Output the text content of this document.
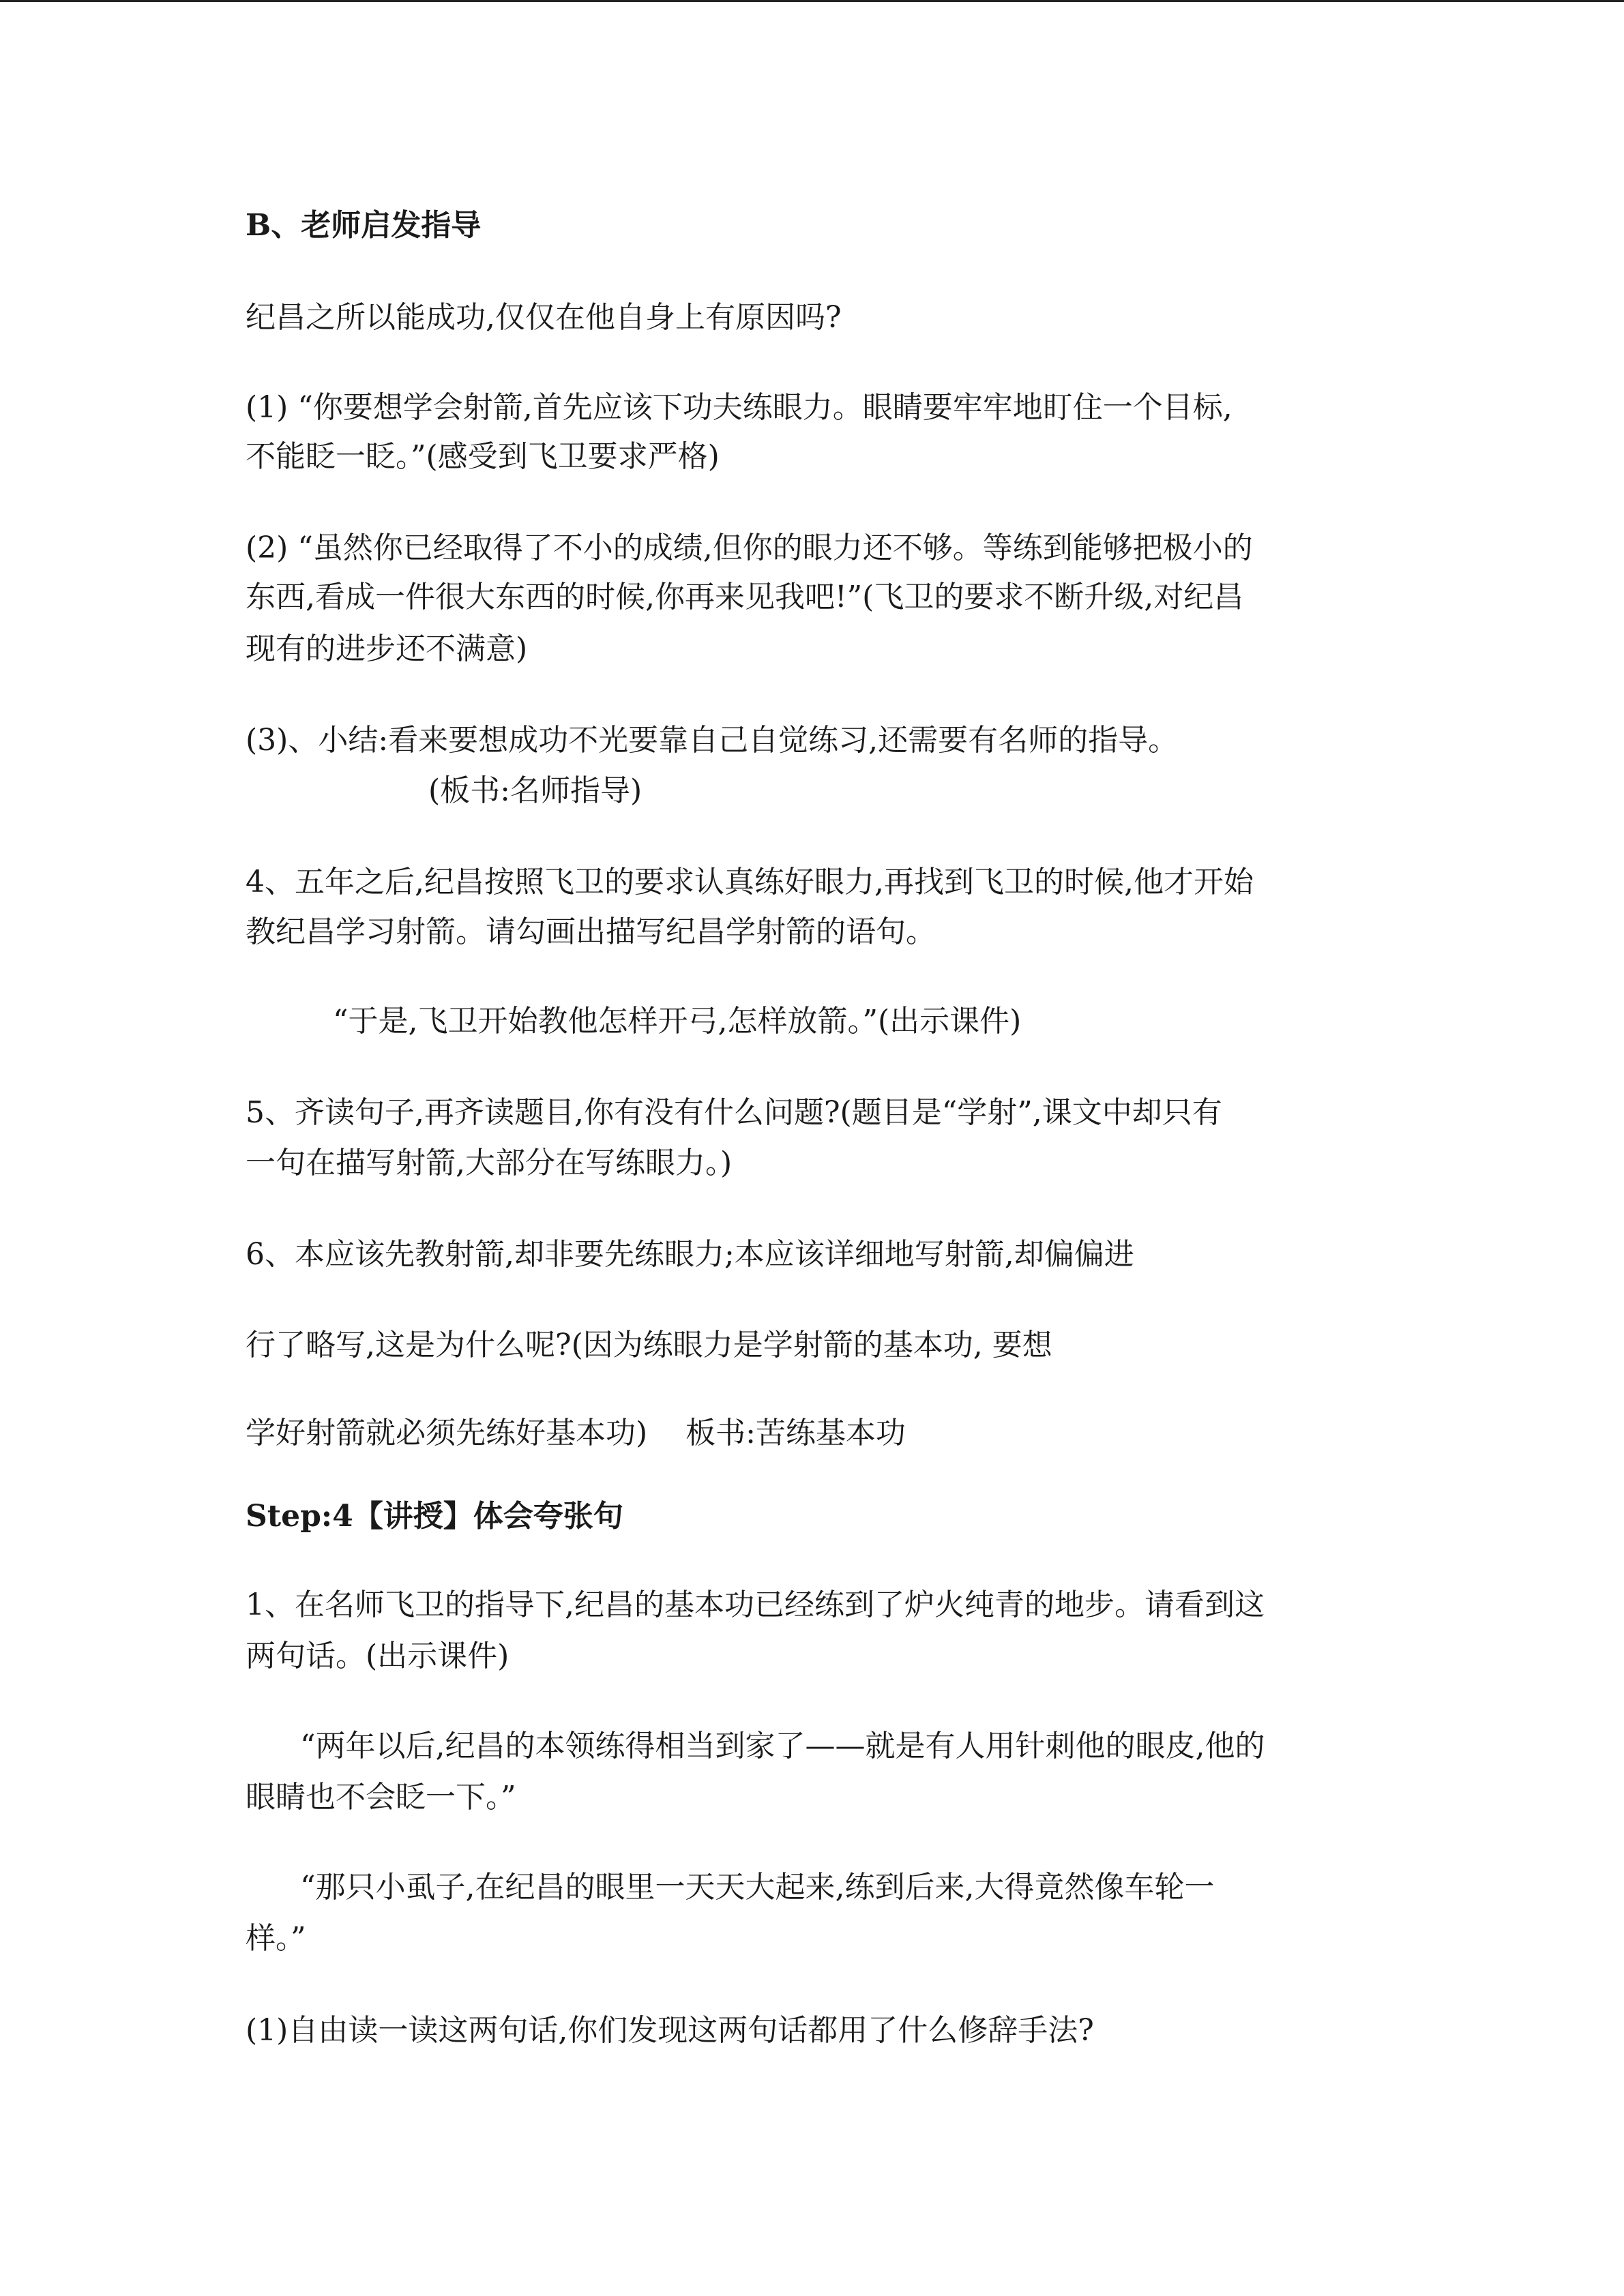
B、老师启发指导
纪昌之所以能成功,仅仅在他自身上有原因吗?
(1) “你要想学会射箭,首先应该下功夫练眼力。眼睛要牢牢地盯住一个目标,
不能眨一眨。”(感受到飞卫要求严格)
(2) “虽然你已经取得了不小的成绩,但你的眼力还不够。等练到能够把极小的
东西,看成一件很大东西的时候,你再来见我吧!”(飞卫的要求不断升级,对纪昌
现有的进步还不满意)
(3)、小结:看来要想成功不光要靠自己自觉练习,还需要有名师的指导。
(板书:名师指导)
4、五年之后,纪昌按照飞卫的要求认真练好眼力,再找到飞卫的时候,他才开始
教纪昌学习射箭。请勾画出描写纪昌学射箭的语句。
“于是,飞卫开始教他怎样开弓,怎样放箭。”(出示课件)
5、齐读句子,再齐读题目,你有没有什么问题?(题目是“学射”,课文中却只有
一句在描写射箭,大部分在写练眼力。)
6、本应该先教射箭,却非要先练眼力;本应该详细地写射箭,却偏偏进
行了略写,这是为什么呢?(因为练眼力是学射箭的基本功, 要想
学好射箭就必须先练好基本功)    板书:苦练基本功
Step:4【讲授】体会夸张句
1、在名师飞卫的指导下,纪昌的基本功已经练到了炉火纯青的地步。请看到这
两句话。(出示课件)
“两年以后,纪昌的本领练得相当到家了——就是有人用针刺他的眼皮,他的
眼睛也不会眨一下。”
“那只小虱子,在纪昌的眼里一天天大起来,练到后来,大得竟然像车轮一
样。”
(1)自由读一读这两句话,你们发现这两句话都用了什么修辞手法?
